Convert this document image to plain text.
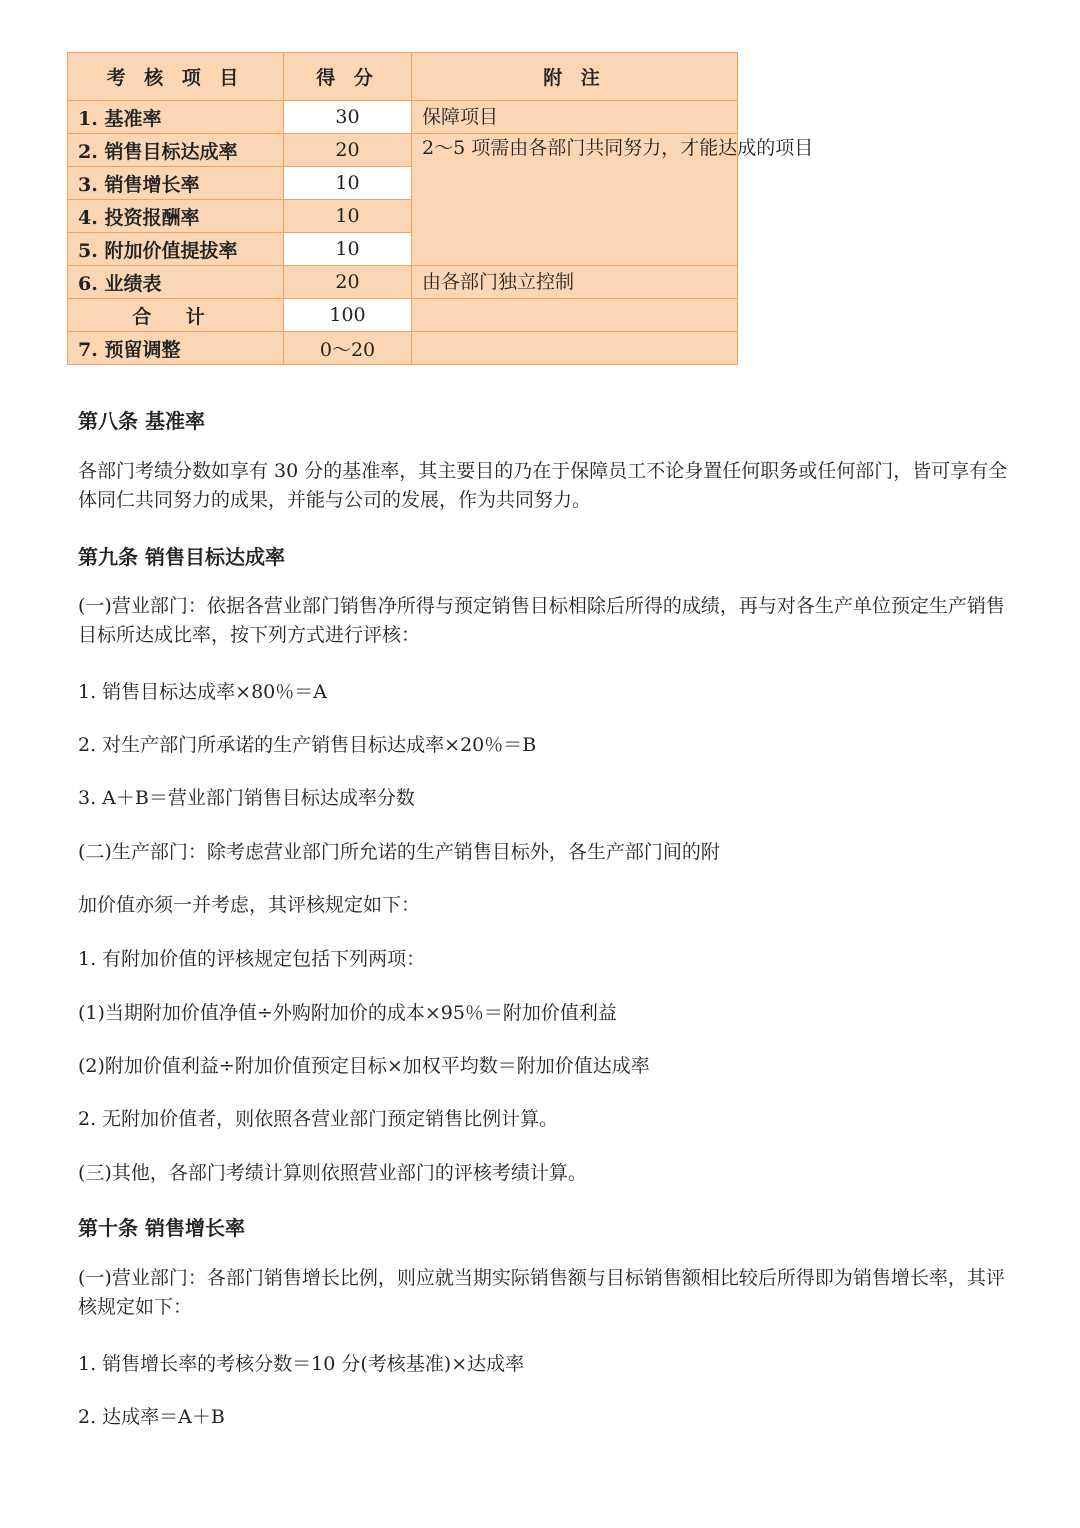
考 核 项 目	得 分	附 注
1. 基准率	30	保障项目
2. 销售目标达成率	20	2～5 项需由各部门共同努力，才能达成的项目

3. 销售增长率	10	
4. 投资报酬率	10	
5. 附加价值提拔率	10	
6. 业绩表	20	由各部门独立控制
合 计	100	
7. 预留调整	0～20	
第八条 基准率
各部门考绩分数如享有 30 分的基准率，其主要目的乃在于保障员工不论身置任何职务或任何部门，皆可享有全体同仁共同努力的成果，并能与公司的发展，作为共同努力。
第九条 销售目标达成率
(一)营业部门：依据各营业部门销售净所得与预定销售目标相除后所得的成绩，再与对各生产单位预定生产销售目标所达成比率，按下列方式进行评核：
1. 销售目标达成率×80％＝A
2. 对生产部门所承诺的生产销售目标达成率×20％＝B
3. A＋B＝营业部门销售目标达成率分数
(二)生产部门：除考虑营业部门所允诺的生产销售目标外，各生产部门间的附
加价值亦须一并考虑，其评核规定如下：
1. 有附加价值的评核规定包括下列两项：
(1)当期附加价值净值÷外购附加价的成本×95％＝附加价值利益
(2)附加价值利益÷附加价值预定目标×加权平均数＝附加价值达成率
2. 无附加价值者，则依照各营业部门预定销售比例计算。
(三)其他，各部门考绩计算则依照营业部门的评核考绩计算。
第十条 销售增长率
(一)营业部门：各部门销售增长比例，则应就当期实际销售额与目标销售额相比较后所得即为销售增长率，其评核规定如下：
1. 销售增长率的考核分数＝10 分(考核基准)×达成率
2. 达成率＝A＋B
